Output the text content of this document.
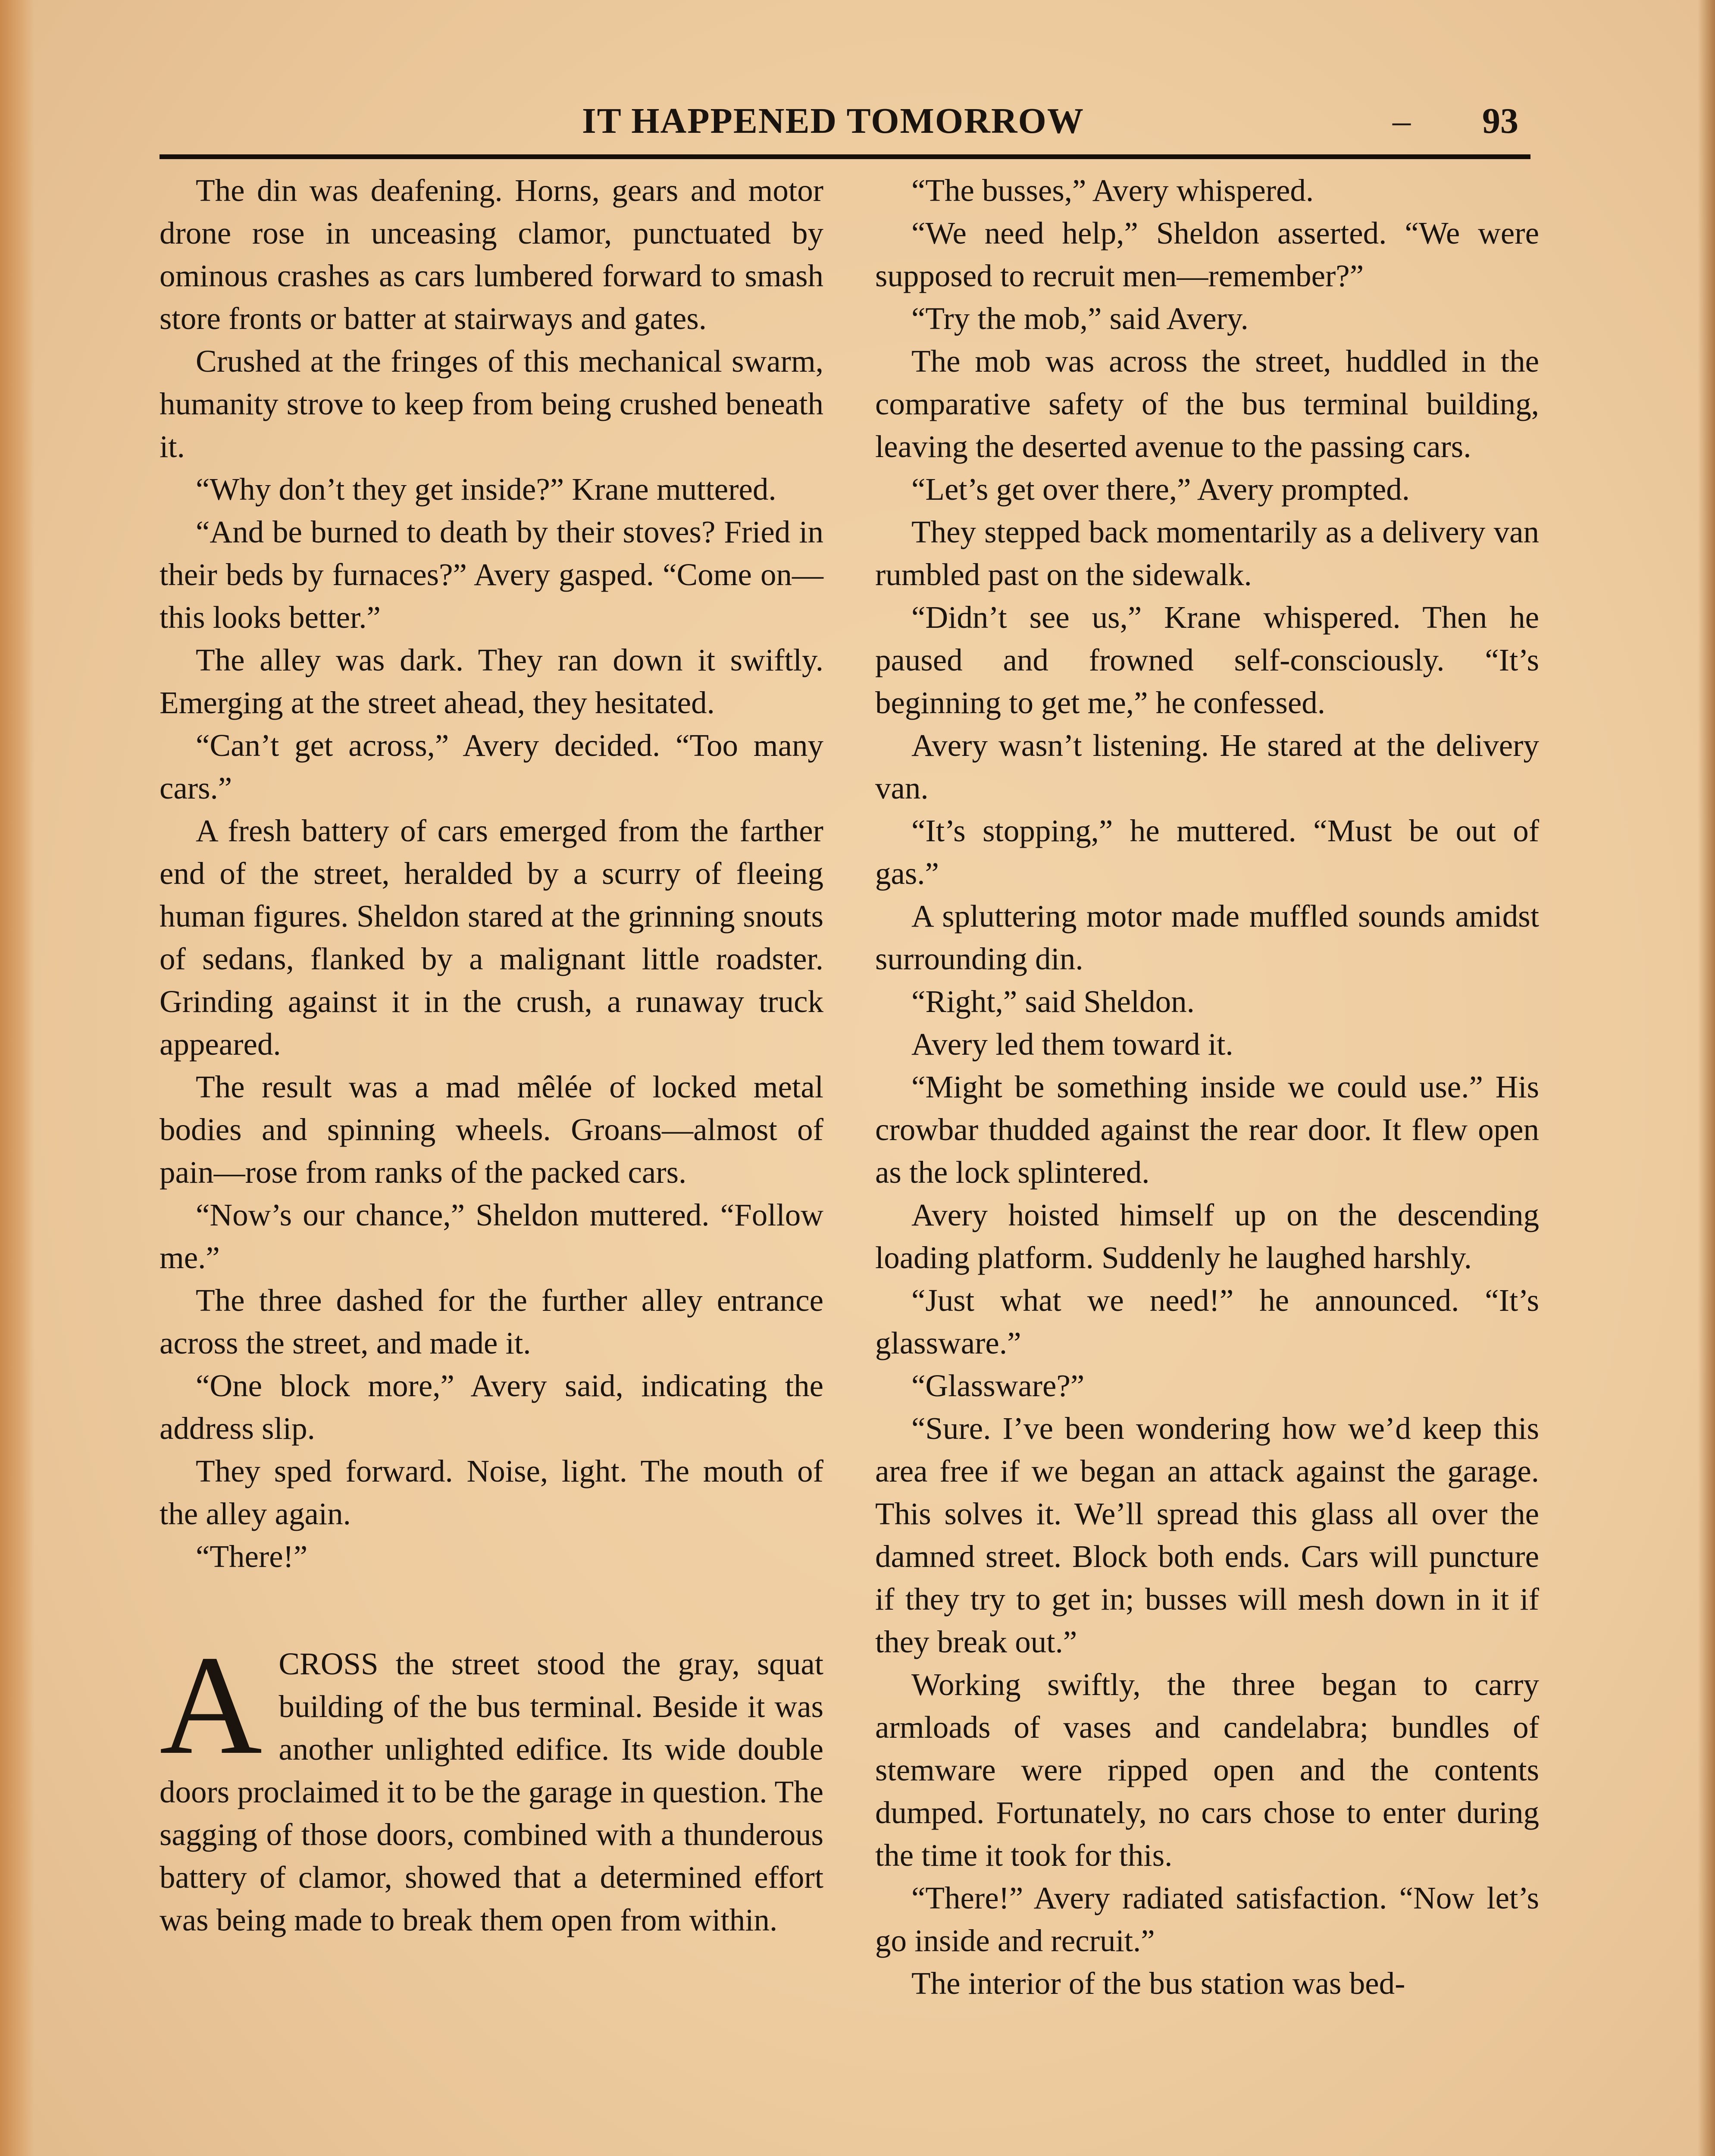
IT HAPPENED TOMORROW	– 93

The din was deafening. Horns, gears and motor drone rose in unceasing clamor, punctuated by ominous crashes as cars lumbered forward to smash store fronts or batter at stairways and gates.

Crushed at the fringes of this mechanical swarm, humanity strove to keep from being crushed beneath it.

“Why don’t they get inside?” Krane muttered.

“And be burned to death by their stoves? Fried in their beds by furnaces?” Avery gasped. “Come on—this looks better.”

The alley was dark. They ran down it swiftly. Emerging at the street ahead, they hesitated.

“Can’t get across,” Avery decided. “Too many cars.”

A fresh battery of cars emerged from the farther end of the street, heralded by a scurry of fleeing human figures. Sheldon stared at the grinning snouts of sedans, flanked by a malignant little roadster. Grinding against it in the crush, a runaway truck appeared.

The result was a mad mêlée of locked metal bodies and spinning wheels. Groans—almost of pain—rose from ranks of the packed cars.

“Now’s our chance,” Sheldon muttered. “Follow me.”

The three dashed for the further alley entrance across the street, and made it.

“One block more,” Avery said, indicating the address slip.

They sped forward. Noise, light. The mouth of the alley again.

“There!”

ACROSS the street stood the gray, squat building of the bus terminal. Beside it was another unlighted edifice. Its wide double doors proclaimed it to be the garage in question. The sagging of those doors, combined with a thunderous battery of clamor, showed that a determined effort was being made to break them open from within.

“The busses,” Avery whispered.

“We need help,” Sheldon asserted. “We were supposed to recruit men—remember?”

“Try the mob,” said Avery.

The mob was across the street, huddled in the comparative safety of the bus terminal building, leaving the deserted avenue to the passing cars.

“Let’s get over there,” Avery prompted.

They stepped back momentarily as a delivery van rumbled past on the sidewalk.

“Didn’t see us,” Krane whispered. Then he paused and frowned self-consciously. “It’s beginning to get me,” he confessed.

Avery wasn’t listening. He stared at the delivery van.

“It’s stopping,” he muttered. “Must be out of gas.”

A spluttering motor made muffled sounds amidst surrounding din.

“Right,” said Sheldon.

Avery led them toward it.

“Might be something inside we could use.” His crowbar thudded against the rear door. It flew open as the lock splintered.

Avery hoisted himself up on the descending loading platform. Suddenly he laughed harshly.

“Just what we need!” he announced. “It’s glassware.”

“Glassware?”

“Sure. I’ve been wondering how we’d keep this area free if we began an attack against the garage. This solves it. We’ll spread this glass all over the damned street. Block both ends. Cars will puncture if they try to get in; busses will mesh down in it if they break out.”

Working swiftly, the three began to carry armloads of vases and candelabra; bundles of stemware were ripped open and the contents dumped. Fortunately, no cars chose to enter during the time it took for this.

“There!” Avery radiated satisfaction. “Now let’s go inside and recruit.”

The interior of the bus station was bed-
